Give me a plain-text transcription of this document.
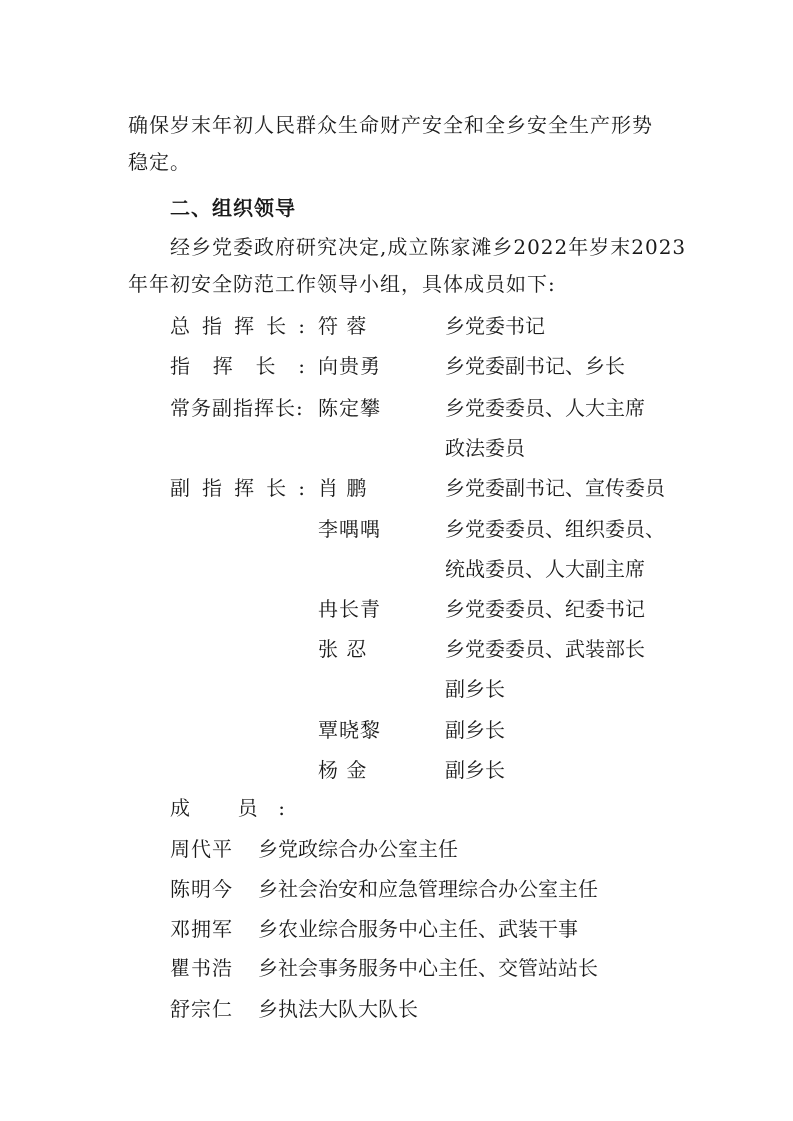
确保岁末年初人民群众生命财产安全和全乡安全生产形势
稳定。
二、组织领导
经乡党委政府研究决定,成立陈家滩乡2022年岁末2023
年年初安全防范工作领导小组，具体成员如下:
总指挥长: 符 蓉	乡党委书记
指挥长: 向贵勇	乡党委副书记、乡长
常务副指挥长: 陈定攀	乡党委委员、人大主席
政法委员
副指挥长: 肖 鹏	乡党委副书记、宣传委员
李喁喁	乡党委委员、组织委员、
统战委员、人大副主席
冉长青	乡党委委员、纪委书记
张 忍	乡党委委员、武装部长
副乡长
覃晓黎	副乡长
杨 金	副乡长
成 员:
周代平 乡党政综合办公室主任
陈明今 乡社会治安和应急管理综合办公室主任
邓拥军 乡农业综合服务中心主任、武装干事
瞿书浩 乡社会事务服务中心主任、交管站站长
舒宗仁 乡执法大队大队长
